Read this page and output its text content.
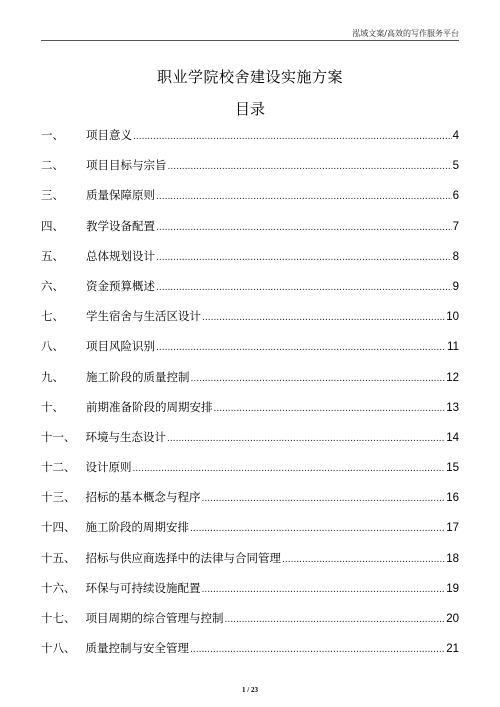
泓域文案/高效的写作服务平台
职业学院校舍建设实施方案
目录
一、 项目意义 .....	4
二、 项目目标与宗旨 .....	5
三、 质量保障原则 .....	6
四、 教学设备配置 .....	7
五、 总体规划设计 .....	8
六、 资金预算概述 .....	9
七、 学生宿舍与生活区设计 .....	10
八、 项目风险识别 .....	11
九、 施工阶段的质量控制 .....	12
十、 前期准备阶段的周期安排 .....	13
十一、 环境与生态设计 .....	14
十二、 设计原则 .....	15
十三、 招标的基本概念与程序 .....	16
十四、 施工阶段的周期安排 .....	17
十五、 招标与供应商选择中的法律与合同管理 .....	18
十六、 环保与可持续设施配置 .....	19
十七、 项目周期的综合管理与控制 .....	20
十八、 质量控制与安全管理 .....	21
1 / 23
